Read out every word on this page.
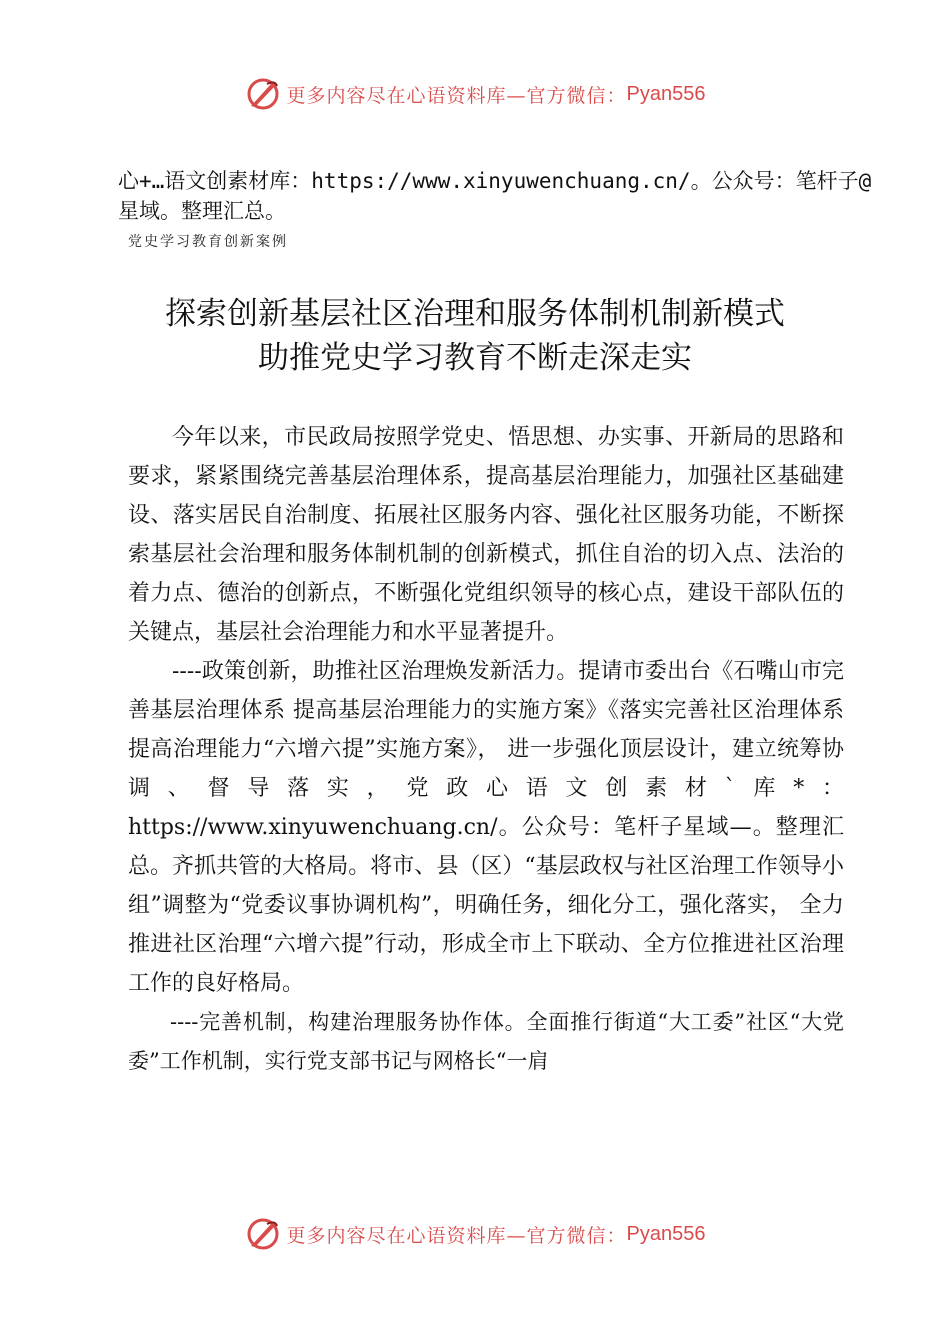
更多内容尽在心语资料库—官方微信： Pyan556
心+…语文创素材库：https://www.xinyuwenchuang.cn/。公众号：笔杆子@星域。整理汇总。
党史学习教育创新案例
探索创新基层社区治理和服务体制机制新模式
助推党史学习教育不断走深走实

今年以来，市民政局按照学党史、悟思想、办实事、开新局的思路和要求，紧紧围绕完善基层治理体系，提高基层治理能力，加强社区基础建设、落实居民自治制度、拓展社区服务内容、强化社区服务功能，不断探索基层社会治理和服务体制机制的创新模式，抓住自治的切入点、法治的着力点、德治的创新点，不断强化党组织领导的核心点，建设干部队伍的关键点，基层社会治理能力和水平显著提升。

----政策创新，助推社区治理焕发新活力。提请市委出台《石嘴山市完善基层治理体系 提高基层治理能力的实施方案》《落实完善社区治理体系 提高治理能力“六增六提”实施方案》， 进一步强化顶层设计，建立统筹协调、督导落实，党政心语文创素材`库*：https://www.xinyuwenchuang.cn/。公众号：笔杆子星域—。整理汇总。齐抓共管的大格局。将市、县（区）“基层政权与社区治理工作领导小组”调整为“党委议事协调机构”，明确任务，细化分工，强化落实， 全力推进社区治理“六增六提”行动，形成全市上下联动、全方位推进社区治理工作的良好格局。

----完善机制，构建治理服务协作体。全面推行街道“大工委”社区“大党委”工作机制，实行党支部书记与网格长“一肩

更多内容尽在心语资料库—官方微信： Pyan556
